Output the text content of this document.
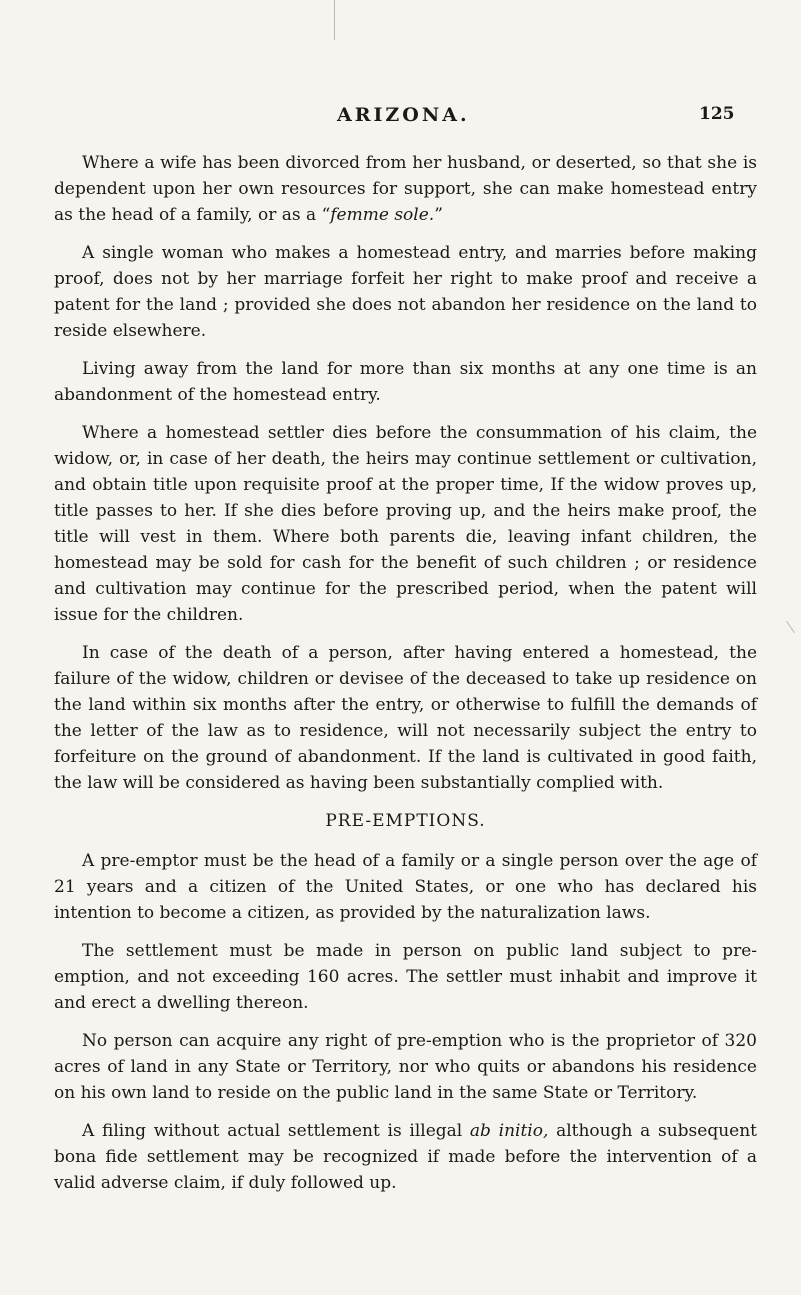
ARIZONA.	125

Where a wife has been divorced from her husband, or deserted, so that she is dependent upon her own resources for support, she can make homestead entry as the head of a family, or as a “femme sole.”

A single woman who makes a homestead entry, and marries before making proof, does not by her marriage forfeit her right to make proof and receive a patent for the land ; provided she does not abandon her residence on the land to reside elsewhere.

Living away from the land for more than six months at any one time is an abandonment of the homestead entry.

Where a homestead settler dies before the consummation of his claim, the widow, or, in case of her death, the heirs may continue settlement or cultivation, and obtain title upon requisite proof at the proper time, If the widow proves up, title passes to her. If she dies before proving up, and the heirs make proof, the title will vest in them. Where both parents die, leaving infant children, the homestead may be sold for cash for the benefit of such children ; or residence and cultivation may continue for the prescribed period, when the patent will issue for the children.

In case of the death of a person, after having entered a homestead, the failure of the widow, children or devisee of the deceased to take up residence on the land within six months after the entry, or otherwise to fulfill the demands of the letter of the law as to residence, will not necessarily subject the entry to forfeiture on the ground of abandonment. If the land is cultivated in good faith, the law will be considered as having been substantially complied with.

PRE-EMPTIONS.

A pre-emptor must be the head of a family or a single person over the age of 21 years and a citizen of the United States, or one who has declared his intention to become a citizen, as provided by the naturalization laws.

The settlement must be made in person on public land subject to pre-emption, and not exceeding 160 acres. The settler must inhabit and improve it and erect a dwelling thereon.

No person can acquire any right of pre-emption who is the proprietor of 320 acres of land in any State or Territory, nor who quits or abandons his residence on his own land to reside on the public land in the same State or Territory.

A filing without actual settlement is illegal ab initio, although a subsequent bona fide settlement may be recognized if made before the intervention of a valid adverse claim, if duly followed up.
